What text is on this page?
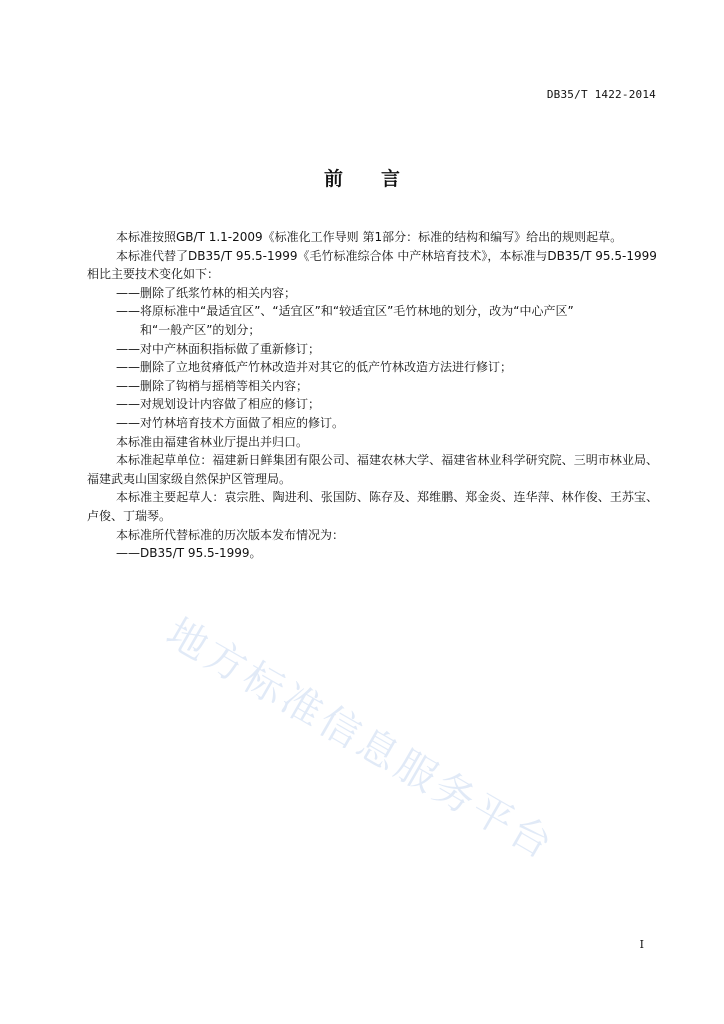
DB35/T 1422-2014
前 言

本标准按照GB/T 1.1-2009《标准化工作导则 第1部分：标准的结构和编写》给出的规则起草。

本标准代替了DB35/T 95.5-1999《毛竹标准综合体 中产林培育技术》，本标准与DB35/T 95.5-1999

相比主要技术变化如下：

——删除了纸浆竹林的相关内容；

——将原标准中“最适宜区”、“适宜区”和“较适宜区”毛竹林地的划分，改为“中心产区”

和“一般产区”的划分；

——对中产林面积指标做了重新修订；

——删除了立地贫瘠低产竹林改造并对其它的低产竹林改造方法进行修订；

——删除了钩梢与摇梢等相关内容；

——对规划设计内容做了相应的修订；

——对竹林培育技术方面做了相应的修订。

本标准由福建省林业厅提出并归口。

本标准起草单位：福建新日鲜集团有限公司、福建农林大学、福建省林业科学研究院、三明市林业局、福建武夷山国家级自然保护区管理局。

本标准主要起草人：袁宗胜、陶进利、张国防、陈存及、郑维鹏、郑金炎、连华萍、林作俊、王苏宝、卢俊、丁瑞琴。

本标准所代替标准的历次版本发布情况为：

——DB35/T 95.5-1999。

地方标准信息服务平台
I
